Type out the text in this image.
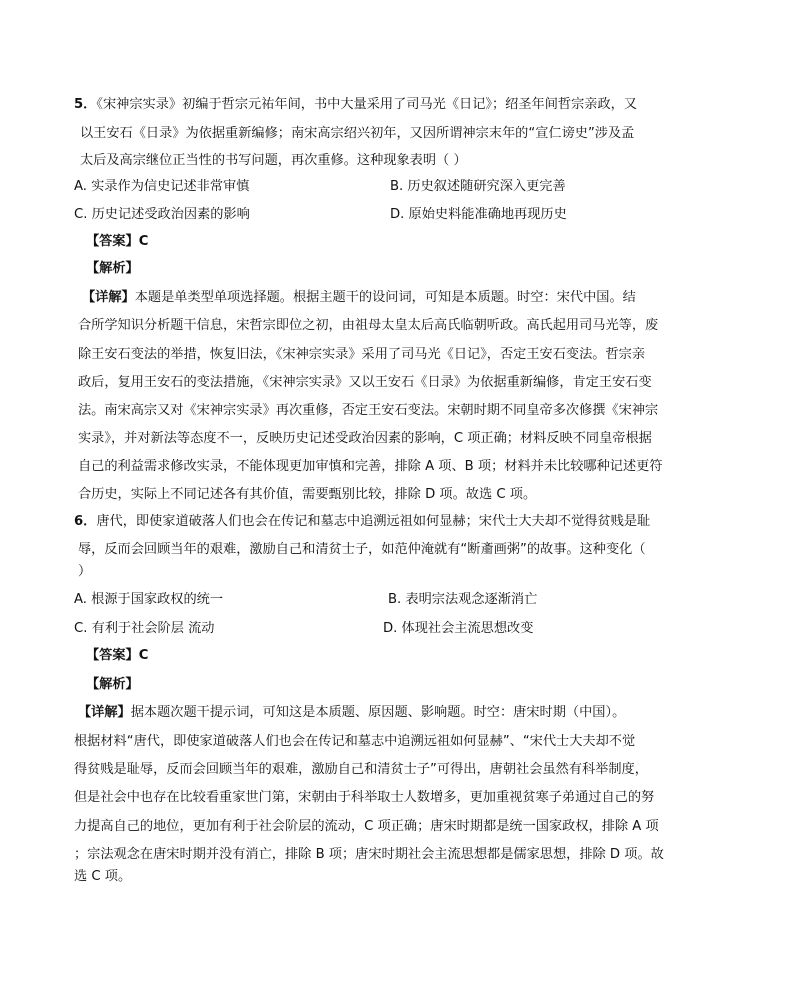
5．《宋神宗实录》初编于哲宗元祐年间，书中大量采用了司马光《日记》；绍圣年间哲宗亲政，又
以王安石《日录》为依据重新编修；南宋高宗绍兴初年，又因所谓神宗末年的“宣仁谤史”涉及孟
太后及高宗继位正当性的书写问题，再次重修。这种现象表明（ ）
A. 实录作为信史记述非常审慎	B. 历史叙述随研究深入更完善
C. 历史记述受政治因素的影响	D. 原始史料能准确地再现历史
【答案】C
【解析】
【详解】本题是单类型单项选择题。根据主题干的设问词，可知是本质题。时空：宋代中国。结
合所学知识分析题干信息，宋哲宗即位之初，由祖母太皇太后高氏临朝听政。高氏起用司马光等，废
除王安石变法的举措，恢复旧法，《宋神宗实录》采用了司马光《日记》，否定王安石变法。哲宗亲
政后，复用王安石的变法措施，《宋神宗实录》又以王安石《日录》为依据重新编修，肯定王安石变
法。南宋高宗又对《宋神宗实录》再次重修，否定王安石变法。宋朝时期不同皇帝多次修撰《宋神宗
实录》，并对新法等态度不一，反映历史记述受政治因素的影响，C 项正确；材料反映不同皇帝根据
自己的利益需求修改实录，不能体现更加审慎和完善，排除 A 项、B 项；材料并未比较哪种记述更符
合历史，实际上不同记述各有其价值，需要甄别比较，排除 D 项。故选 C 项。
6．唐代，即使家道破落人们也会在传记和墓志中追溯远祖如何显赫；宋代士大夫却不觉得贫贱是耻
辱，反而会回顾当年的艰难，激励自己和清贫士子，如范仲淹就有“断齑画粥”的故事。这种变化（
）
A. 根源于国家政权的统一	B. 表明宗法观念逐渐消亡
C. 有利于社会阶层 流动	D. 体现社会主流思想改变
【答案】C
【解析】
【详解】据本题次题干提示词，可知这是本质题、原因题、影响题。时空：唐宋时期（中国）。
根据材料“唐代，即使家道破落人们也会在传记和墓志中追溯远祖如何显赫”、“宋代士大夫却不觉
得贫贱是耻辱，反而会回顾当年的艰难，激励自己和清贫士子”可得出，唐朝社会虽然有科举制度，
但是社会中也存在比较看重家世门第，宋朝由于科举取士人数增多，更加重视贫寒子弟通过自己的努
力提高自己的地位，更加有利于社会阶层的流动，C 项正确；唐宋时期都是统一国家政权，排除 A 项
；宗法观念在唐宋时期并没有消亡，排除 B 项；唐宋时期社会主流思想都是儒家思想，排除 D 项。故
选 C 项。
